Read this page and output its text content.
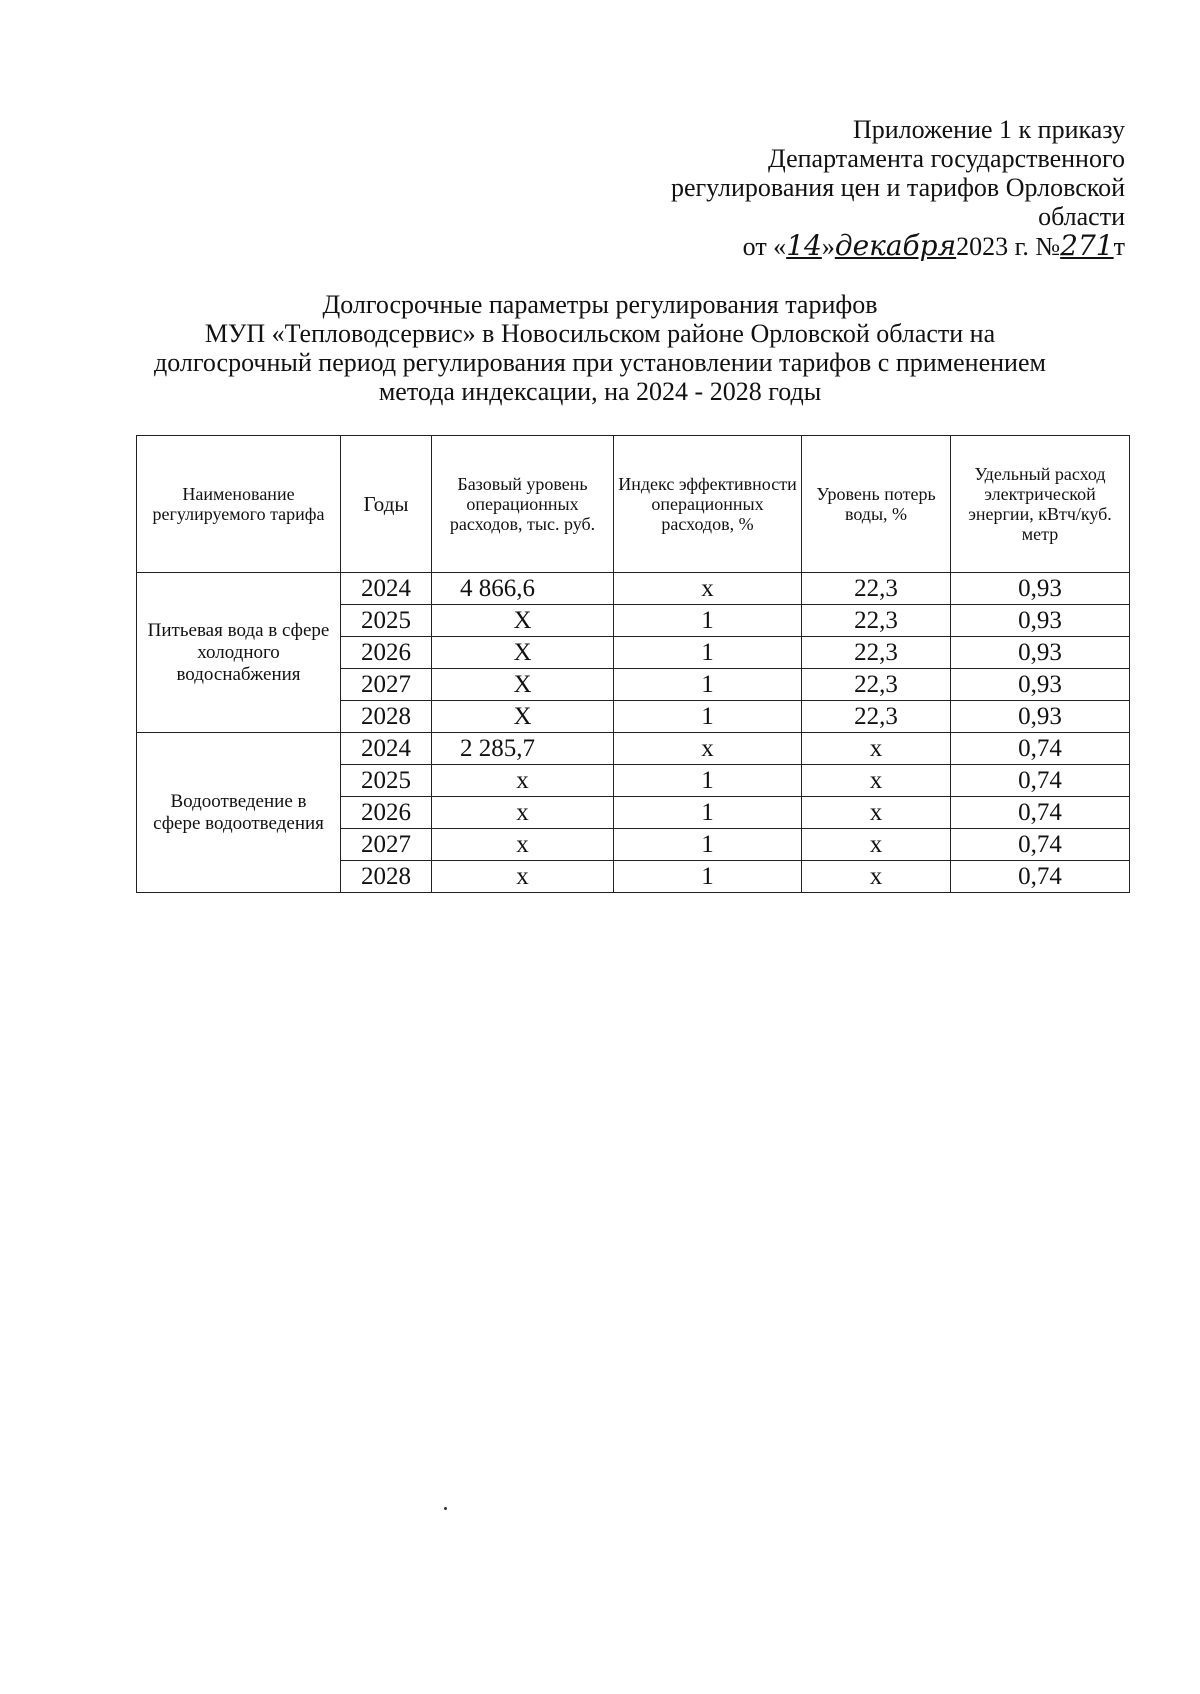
Приложение 1 к приказу
Департамента государственного
регулирования цен и тарифов Орловской
области
от «14»декабря2023 г. №271т
Долгосрочные параметры регулирования тарифов
МУП «Тепловодсервис» в Новосильском районе Орловской области на
долгосрочный период регулирования при установлении тарифов с применением
метода индексации, на 2024 - 2028 годы
Наименование регулируемого тарифа	Годы	Базовый уровень операционных расходов, тыс. руб.	Индекс эффективности операционных расходов, %	Уровень потерь воды, %	Удельный расход электрической энергии, кВтч/куб. метр
Питьевая вода в сфере холодного водоснабжения	2024	4 866,6	х	22,3	0,93
	2025	Х	1	22,3	0,93
	2026	Х	1	22,3	0,93
	2027	Х	1	22,3	0,93
	2028	Х	1	22,3	0,93
Водоотведение в сфере водоотведения	2024	2 285,7	х	х	0,74
	2025	х	1	х	0,74
	2026	х	1	х	0,74
	2027	х	1	х	0,74
	2028	х	1	х	0,74
